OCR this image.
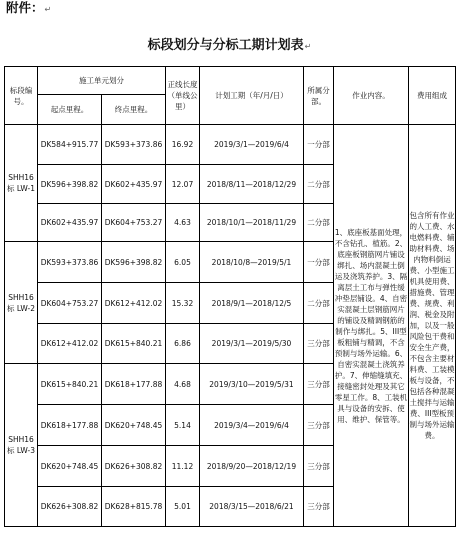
附件：↵
标段划分与分标工期计划表↵
标段编号。	施工单元划分		正线长度（单线公里）	计划工期（年/月/日）	所属分部。	作业内容。	费用组成
	起点里程。	终点里程。					
SHH16标 LW-1	DK584+915.77	DK593+373.86	16.92	2019/3/1—2019/6/4	一分部	1、底座板基面处理，不含钻孔、植筋。2、底座板钢筋网片铺设绑扎、场内混凝土倒运及浇筑养护。3、隔离层土工布与弹性缓冲垫层铺设。4、自密实混凝土层钢筋网片的铺设及精调钢筋的制作与绑扎。5、III型板粗铺与精调，不含预制与场外运输。6、自密实混凝土浇筑养护。7、伸缩缝填充、接缝密封处理及其它零星工作。8、工装机具与设备的安拆、使用、维护、保管等。	包含所有作业的人工费、水电燃料费、辅助材料费、场内物料倒运费、小型施工机具使用费、措施费、管理费、规费、利润、税金及附加，以及一般风险包干费和安全生产费，不包含主要材料费、工装模板与设备，不包括各种混凝土搅拌与运输费、III型板预制与场外运输费。
	DK596+398.82	DK602+435.97	12.07	2018/8/11—2018/12/29	二分部		
	DK602+435.97	DK604+753.27	4.63	2018/10/1—2018/11/29	二分部		
SHH16标 LW-2	DK593+373.86	DK596+398.82	6.05	2018/10/8—2019/5/1	一分部		
	DK604+753.27	DK612+412.02	15.32	2018/9/1—2018/12/5	二分部		
	DK612+412.02	DK615+840.21	6.86	2019/3/1—2019/5/30	三分部		
SHH16标 LW-3	DK615+840.21	DK618+177.88	4.68	2019/3/10—2019/5/31	三分部		
	DK618+177.88	DK620+748.45	5.14	2019/3/4—2019/6/4	三分部		
	DK620+748.45	DK626+308.82	11.12	2018/9/20—2018/12/19	三分部		
	DK626+308.82	DK628+815.78	5.01	2018/3/15—2018/6/21	三分部		
